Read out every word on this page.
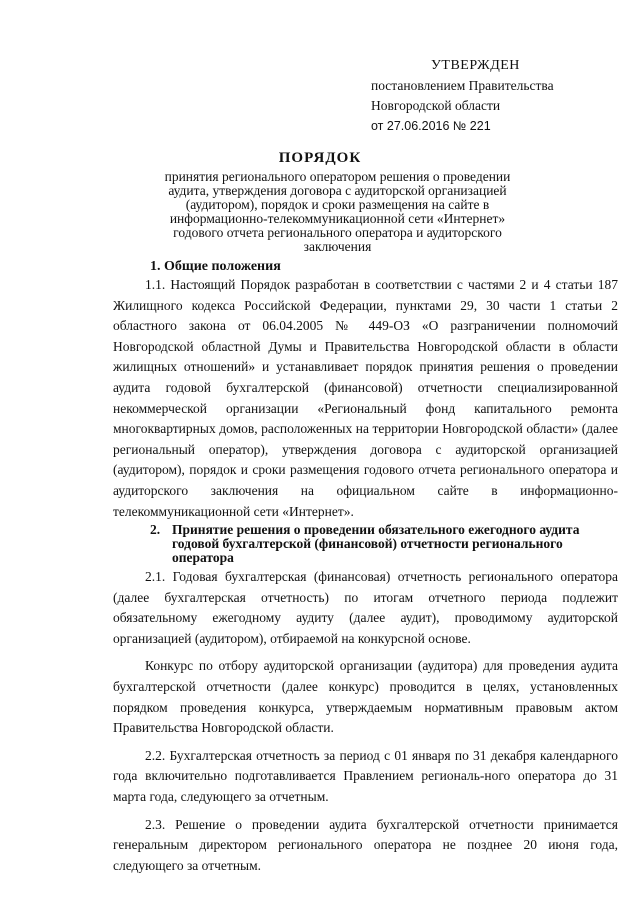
УТВЕРЖДЕН
постановлением Правительства
Новгородской области
от 27.06.2016 № 221
ПОРЯДОК
принятия регионального оператором решения о проведении аудита, утверждения договора с аудиторской организацией (аудитором), порядок и сроки размещения на сайте в информационно-телекоммуникационной сети «Интернет» годового отчета регионального оператора и аудиторского заключения
1. Общие положения

1.1. Настоящий Порядок разработан в соответствии с частями 2 и 4 статьи 187 Жилищного кодекса Российской Федерации, пунктами 29, 30 части 1 статьи 2 областного закона от 06.04.2005 № 449-ОЗ «О разграничении полномочий Новгородской областной Думы и Правительства Новгородской области в области жилищных отношений» и устанавливает порядок принятия решения о проведении аудита годовой бухгалтерской (финансовой) отчетности специализированной некоммерческой организации «Региональный фонд капитального ремонта многоквартирных домов, расположенных на территории Новгородской области» (далее региональный оператор), утверждения договора с аудиторской организацией (аудитором), порядок и сроки размещения годового отчета регионального оператора и аудиторского заключения на официальном сайте в информационно-телекоммуникационной сети «Интернет».

2. Принятие решения о проведении обязательного ежегодного аудита годовой бухгалтерской (финансовой) отчетности регионального оператора

2.1. Годовая бухгалтерская (финансовая) отчетность регионального оператора (далее бухгалтерская отчетность) по итогам отчетного периода подлежит обязательному ежегодному аудиту (далее аудит), проводимому аудиторской организацией (аудитором), отбираемой на конкурсной основе.

Конкурс по отбору аудиторской организации (аудитора) для проведения аудита бухгалтерской отчетности (далее конкурс) проводится в целях, установленных порядком проведения конкурса, утверждаемым нормативным правовым актом Правительства Новгородской области.

2.2. Бухгалтерская отчетность за период с 01 января по 31 декабря календарного года включительно подготавливается Правлением региональ-ного оператора до 31 марта года, следующего за отчетным.

2.3. Решение о проведении аудита бухгалтерской отчетности принимается генеральным директором регионального оператора не позднее 20 июня года, следующего за отчетным.
